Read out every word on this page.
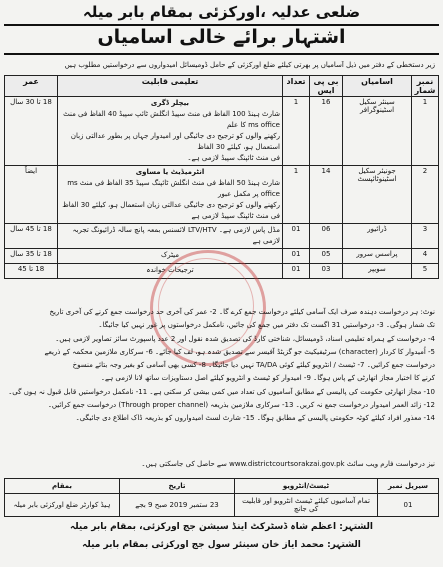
ضلعی عدلیہ ،اورکزئی بمقام بابر میلہ
اشتہار برائے خالی اسامیاں
زیر دستخطی کے دفتر میں ذیل آسامیاں پر بھرتی کیلئے ضلع اورکزئی کے حامل ڈومیسائل امیدواروں سے درخواستیں مطلوب ہیں
نمبر شمار	اسامیاں	بی پی ایس	تعداد	تعلیمی قابلیت	عمر
1	سینئر سکیل اسٹینوگرافر	16	1	بیچلر ڈگری
شارٹ ہینڈ 100 الفاظ فی منٹ سپیڈ انگلش ٹائپ سپیڈ 40 الفاظ فی منٹ ms office کا علم
رکھنے والوں کو ترجیح دی جائیگی اور امیدوار جہاں پر بطور عدالتی زبان استعمال ہو، کیلئے 30 الفاظ
فی منٹ ٹائپنگ سپیڈ لازمی ہے۔	18 تا 30 سال
2	جونیئر سکیل اسٹینوٹائپسٹ	14	1	انٹرمیڈیٹ یا مساوی
شارٹ ہینڈ 50 الفاظ فی منٹ انگلش ٹائپنگ سپیڈ 35 الفاظ فی منٹ ms office پر مکمل عبور
رکھنے والوں کو ترجیح دی جائیگی عدالتی زبان استعمال ہو، کیلئے 30 الفاظ فی منٹ ٹائپنگ سپیڈ لازمی ہے	ایضاً
3	ڈرائیور	06	01	مڈل پاس لازمی ہے۔ LTV/HTV لائسنس بمعہ پانچ سالہ ڈرائیونگ تجربہ لازمی ہے	18 تا 45 سال
4	پراسس سرور	05	01	میٹرک	18 تا 35 سال
5	سویپر	03	01	ترجیحات خواندہ	18 تا 45
نوٹ: ہر درخواست دہندہ صرف ایک آسامی کیلئے درخواست جمع کرے گا۔ 2- عمر کی آخری حد درخواست جمع کرنے کی آخری تاریخ
تک شمار ہوگی۔ 3- درخواستیں 31 اگست تک دفتر میں جمع کی جائیں، نامکمل درخواستوں پر غور نہیں کیا جائیگا۔
4- درخواست کے ہمراہ تعلیمی اسناد، ڈومیسائل، شناختی کارڈ کی تصدیق شدہ نقول اور 2 عدد پاسپورٹ سائز تصاویر لازمی ہیں۔
5- اُمیدوار کا کردار (character) سرٹیفیکیٹ جو گزیٹڈ آفیسر سے تصدیق شدہ ہو، لف کیا جائے۔ 6- سرکاری ملازمین محکمہ کے ذریعے
درخواست جمع کرائیں۔ 7- ٹیسٹ / انٹرویو کیلئے کوئی TA/DA نہیں دیا جائیگا۔ 8- کسی بھی آسامی کو بغیر وجہ بتائے منسوخ
کرنے کا اختیار مجاز اتھارٹی کے پاس ہوگا۔ 9- امیدوار کو ٹیسٹ و انٹرویو کیلئے اصل دستاویزات ساتھ لانا لازمی ہے۔
10- مجاز اتھارٹی حکومت کی پالیسی کے مطابق آسامیوں کی تعداد میں کمی بیشی کر سکتی ہے۔ 11- نامکمل درخواستیں قابل قبول نہ ہوں گی۔
12- زائد العمر امیدوار درخواست جمع نہ کریں۔ 13- سرکاری ملازمین بذریعہ (Through proper channel) درخواست جمع کرائیں۔
14- معذور افراد کیلئے کوٹہ حکومتی پالیسی کے مطابق ہوگا۔ 15- شارٹ لسٹ امیدواروں کو بذریعہ ڈاک اطلاع دی جائیگی۔
نیز درخواست فارم ویب سائٹ www.districtcourtsorakzai.gov.pk سے حاصل کی جاسکتی ہیں۔
سیریل نمبر	ٹیسٹ/انٹرویو	تاریخ	بمقام
01	تمام آسامیوں کیلئے ٹیسٹ انٹرویو اور قابلیت کی جانچ	23 ستمبر 2019 صبح 9 بجے	ہیڈ کوارٹر ضلع اورکزئی بابر میلہ
الشتہر: اعظم شاہ ڈسٹرکٹ اینڈ سیشن جج اورکزئی، بمقام بابر میلہ
الشتہر: محمد ایاز خان سینئر سول جج اورکزئی بمقام بابر میلہ
